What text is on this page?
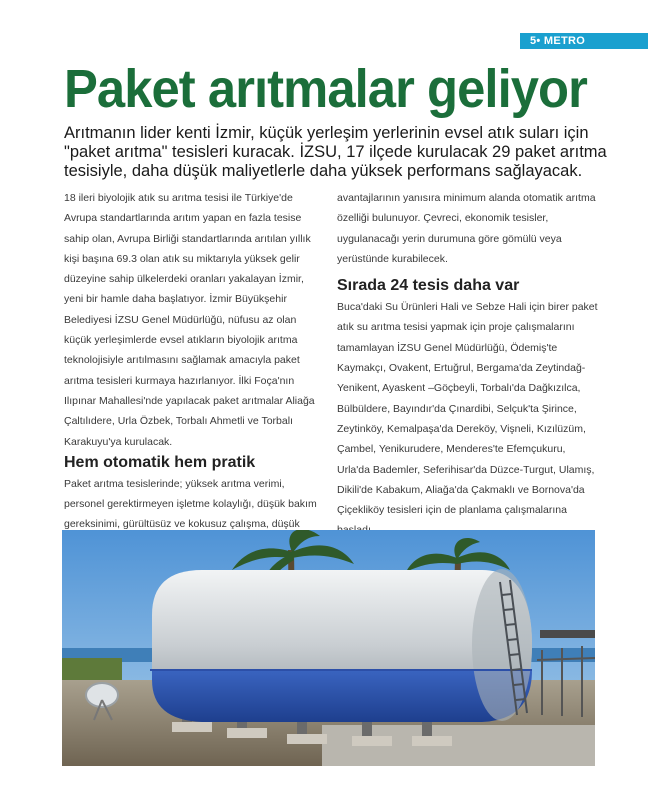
5• METRO
Paket arıtmalar geliyor

Arıtmanın lider kenti İzmir, küçük yerleşim yerlerinin evsel atık suları için "paket arıtma" tesisleri kuracak. İZSU, 17 ilçede kurulacak 29 paket arıtma tesisiyle, daha düşük maliyetlerle daha yüksek performans sağlayacak.

18 ileri biyolojik atık su arıtma tesisi ile Türkiye'de Avrupa standartlarında arıtım yapan en fazla tesise sahip olan, Avrupa Birliği standartlarında arıtılan yıllık kişi başına 69.3 olan atık su miktarıyla yüksek gelir düzeyine sahip ülkelerdeki oranları yakalayan İzmir, yeni bir hamle daha başlatıyor. İzmir Büyükşehir Belediyesi İZSU Genel Müdürlüğü, nüfusu az olan küçük yerleşimlerde evsel atıkların biyolojik arıtma teknolojisiyle arıtılmasını sağlamak amacıyla paket arıtma tesisleri kurmaya hazırlanıyor. İlki Foça'nın Ilıpınar Mahallesi'nde yapılacak paket arıtmalar Aliağa Çaltılıdere, Urla Özbek, Torbalı Ahmetli ve Torbalı Karakuyu'ya kurulacak.

Hem otomatik hem pratik

Paket arıtma tesislerinde; yüksek arıtma verimi, personel gerektirmeyen işletme kolaylığı, düşük bakım gereksinimi, gürültüsüz ve kokusuz çalışma, düşük

avantajlarının yanısıra minimum alanda otomatik arıtma özelliği bulunuyor. Çevreci, ekonomik tesisler, uygulanacağı yerin durumuna göre gömülü veya yerüstünde kurabilecek.

Sırada 24 tesis daha var

Buca'daki Su Ürünleri Hali ve Sebze Hali için birer paket atık su arıtma tesisi yapmak için proje çalışmalarını tamamlayan İZSU Genel Müdürlüğü, Ödemiş'te Kaymakçı, Ovakent, Ertuğrul, Bergama'da Zeytindağ-Yenikent, Ayaskent –Göçbeyli, Torbalı'da Dağkızılca, Bülbüldere, Bayındır'da Çınardibi, Selçuk'ta Şirince, Zeytinköy, Kemalpaşa'da Dereköy, Vişneli, Kızılüzüm, Çambel, Yenikurudere, Menderes'te Efemçukuru, Urla'da Bademler, Seferihisar'da Düzce-Turgut, Ulamış, Dikili'de Kabakum, Aliağa'da Çakmaklı ve Bornova'da Çiçekliköy tesisleri için de planlama çalışmalarına
